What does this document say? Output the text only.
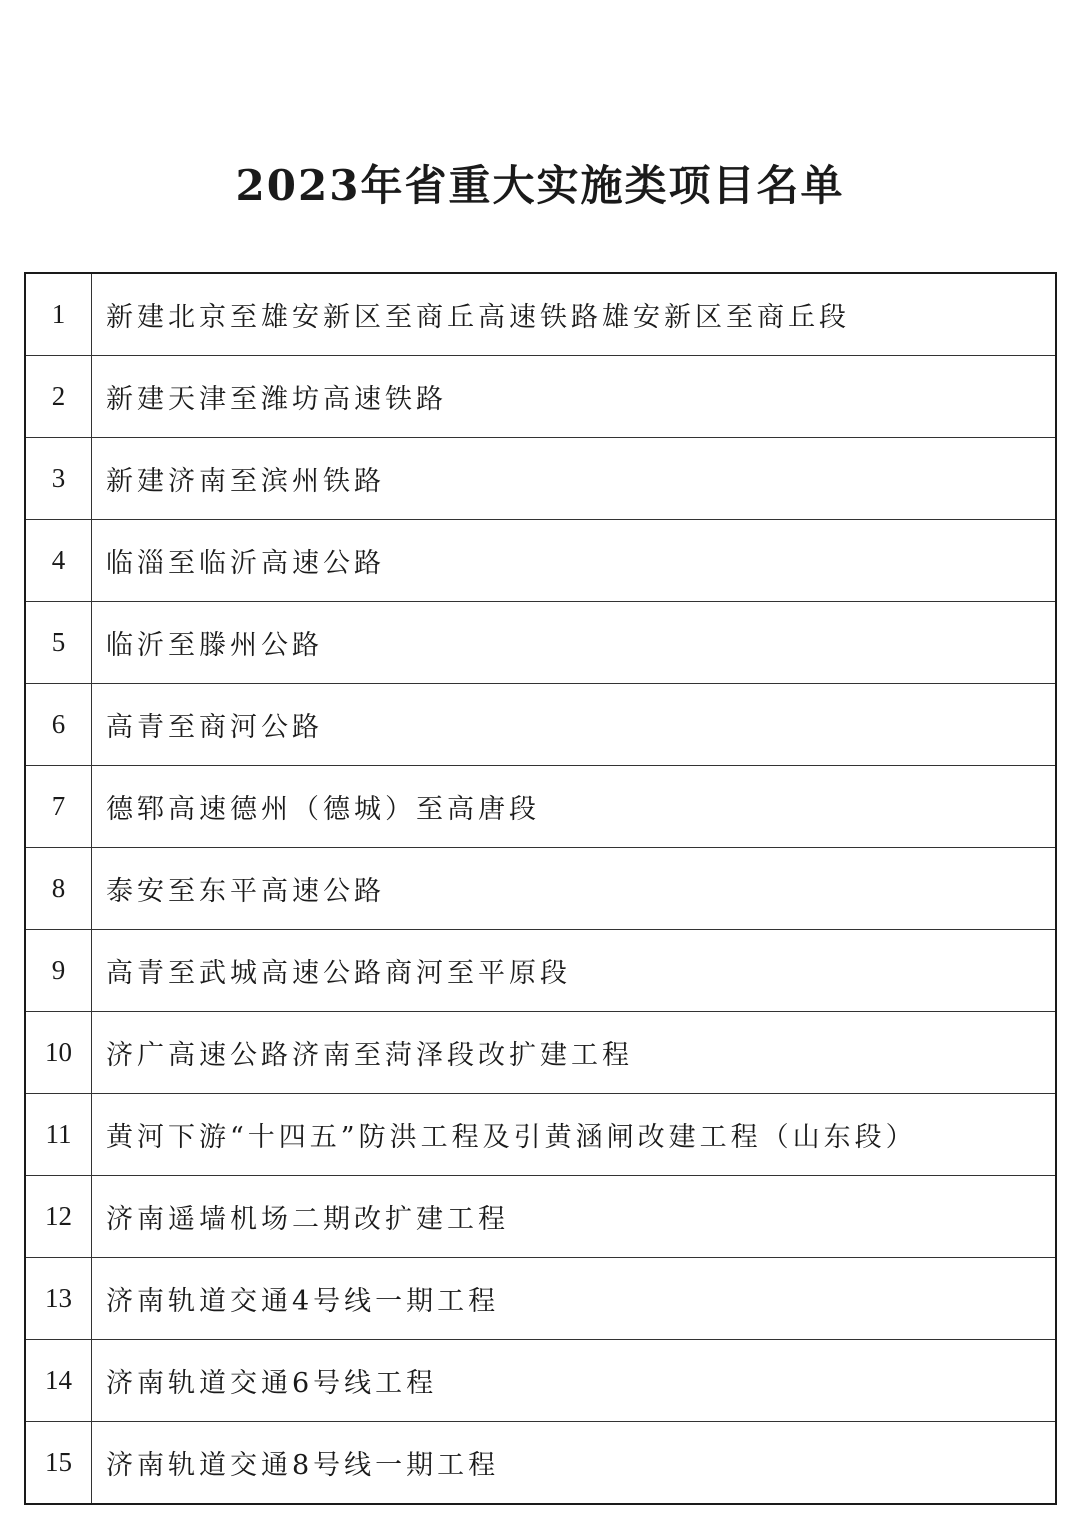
2023年省重大实施类项目名单
1	新建北京至雄安新区至商丘高速铁路雄安新区至商丘段
2	新建天津至潍坊高速铁路
3	新建济南至滨州铁路
4	临淄至临沂高速公路
5	临沂至滕州公路
6	高青至商河公路
7	德郓高速德州（德城）至高唐段
8	泰安至东平高速公路
9	高青至武城高速公路商河至平原段
10	济广高速公路济南至菏泽段改扩建工程
11	黄河下游“十四五”防洪工程及引黄涵闸改建工程（山东段）
12	济南遥墙机场二期改扩建工程
13	济南轨道交通4号线一期工程
14	济南轨道交通6号线工程
15	济南轨道交通8号线一期工程
